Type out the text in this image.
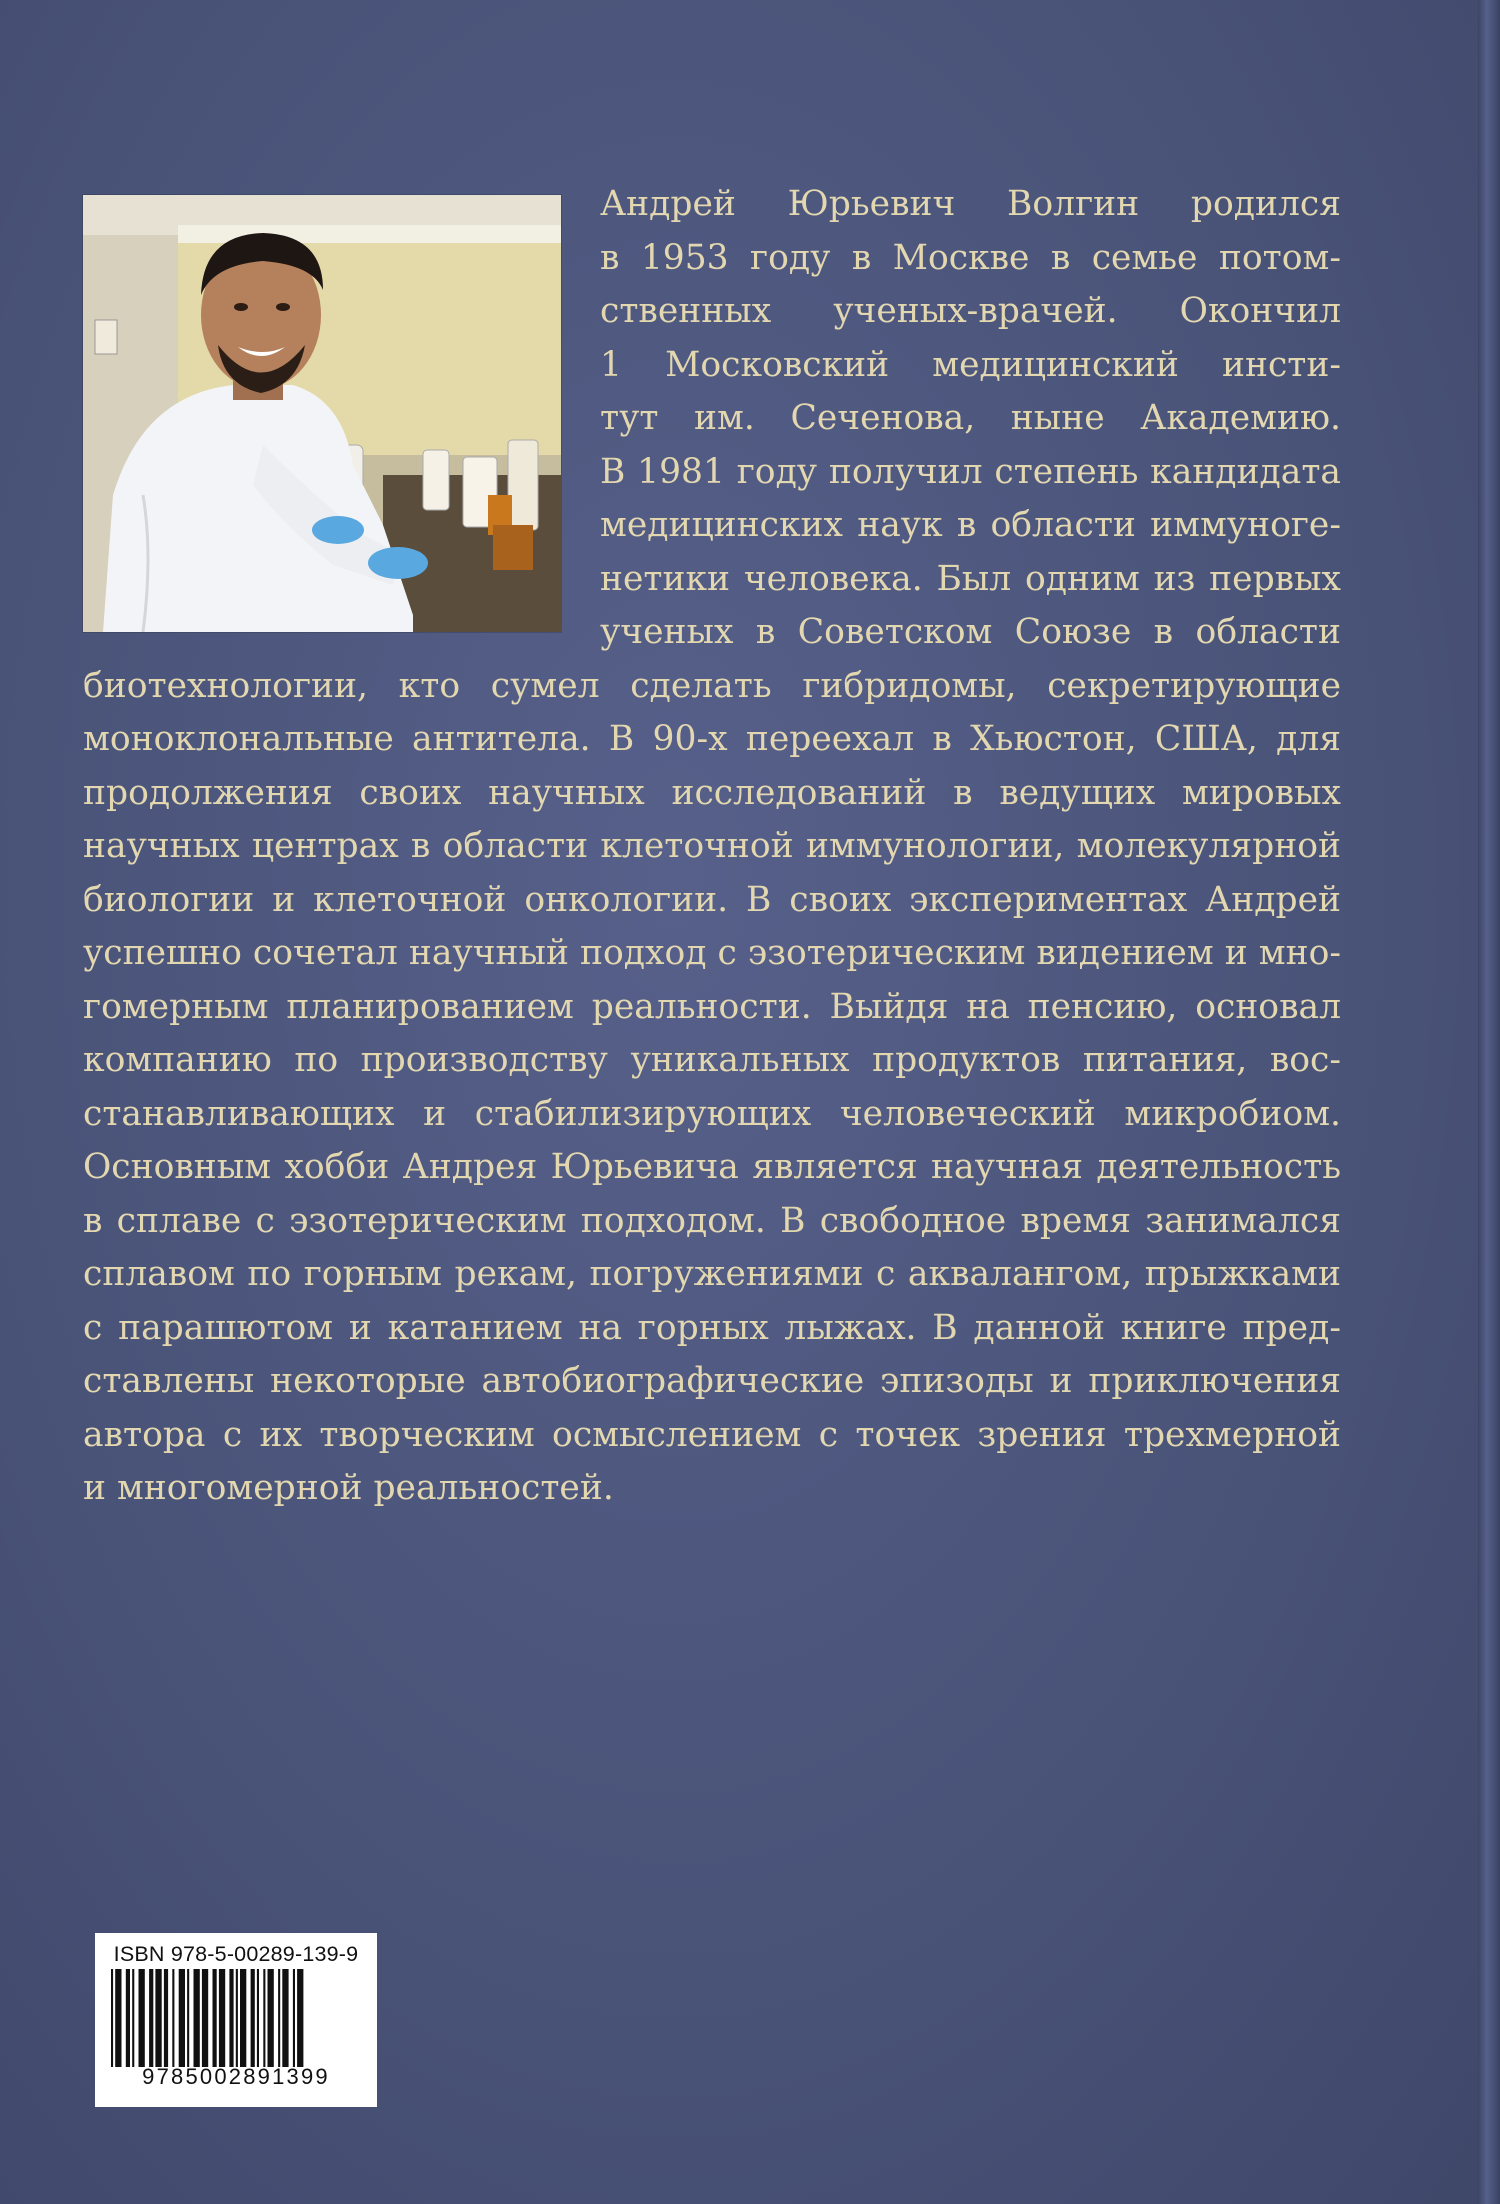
Андрей Юрьевич Волгин родился
в 1953 году в Москве в семье потом-
ственных ученых-врачей. Окончил
1 Московский медицинский инсти-
тут им. Сеченова, ныне Академию.
В 1981 году получил степень кандидата
медицинских наук в области иммуноге-
нетики человека. Был одним из первых
ученых в Советском Союзе в области
биотехнологии, кто сумел сделать гибридомы, секретирующие
моноклональные антитела. В 90-х переехал в Хьюстон, США, для
продолжения своих научных исследований в ведущих мировых
научных центрах в области клеточной иммунологии, молекулярной
биологии и клеточной онкологии. В своих экспериментах Андрей
успешно сочетал научный подход с эзотерическим видением и мно-
гомерным планированием реальности. Выйдя на пенсию, основал
компанию по производству уникальных продуктов питания, вос-
станавливающих и стабилизирующих человеческий микробиом.
Основным хобби Андрея Юрьевича является научная деятельность
в сплаве с эзотерическим подходом. В свободное время занимался
сплавом по горным рекам, погружениями с аквалангом, прыжками
с парашютом и катанием на горных лыжах. В данной книге пред-
ставлены некоторые автобиографические эпизоды и приключения
автора с их творческим осмыслением с точек зрения трехмерной
и многомерной реальностей.
ISBN 978-5-00289-139-9
9785002891399
